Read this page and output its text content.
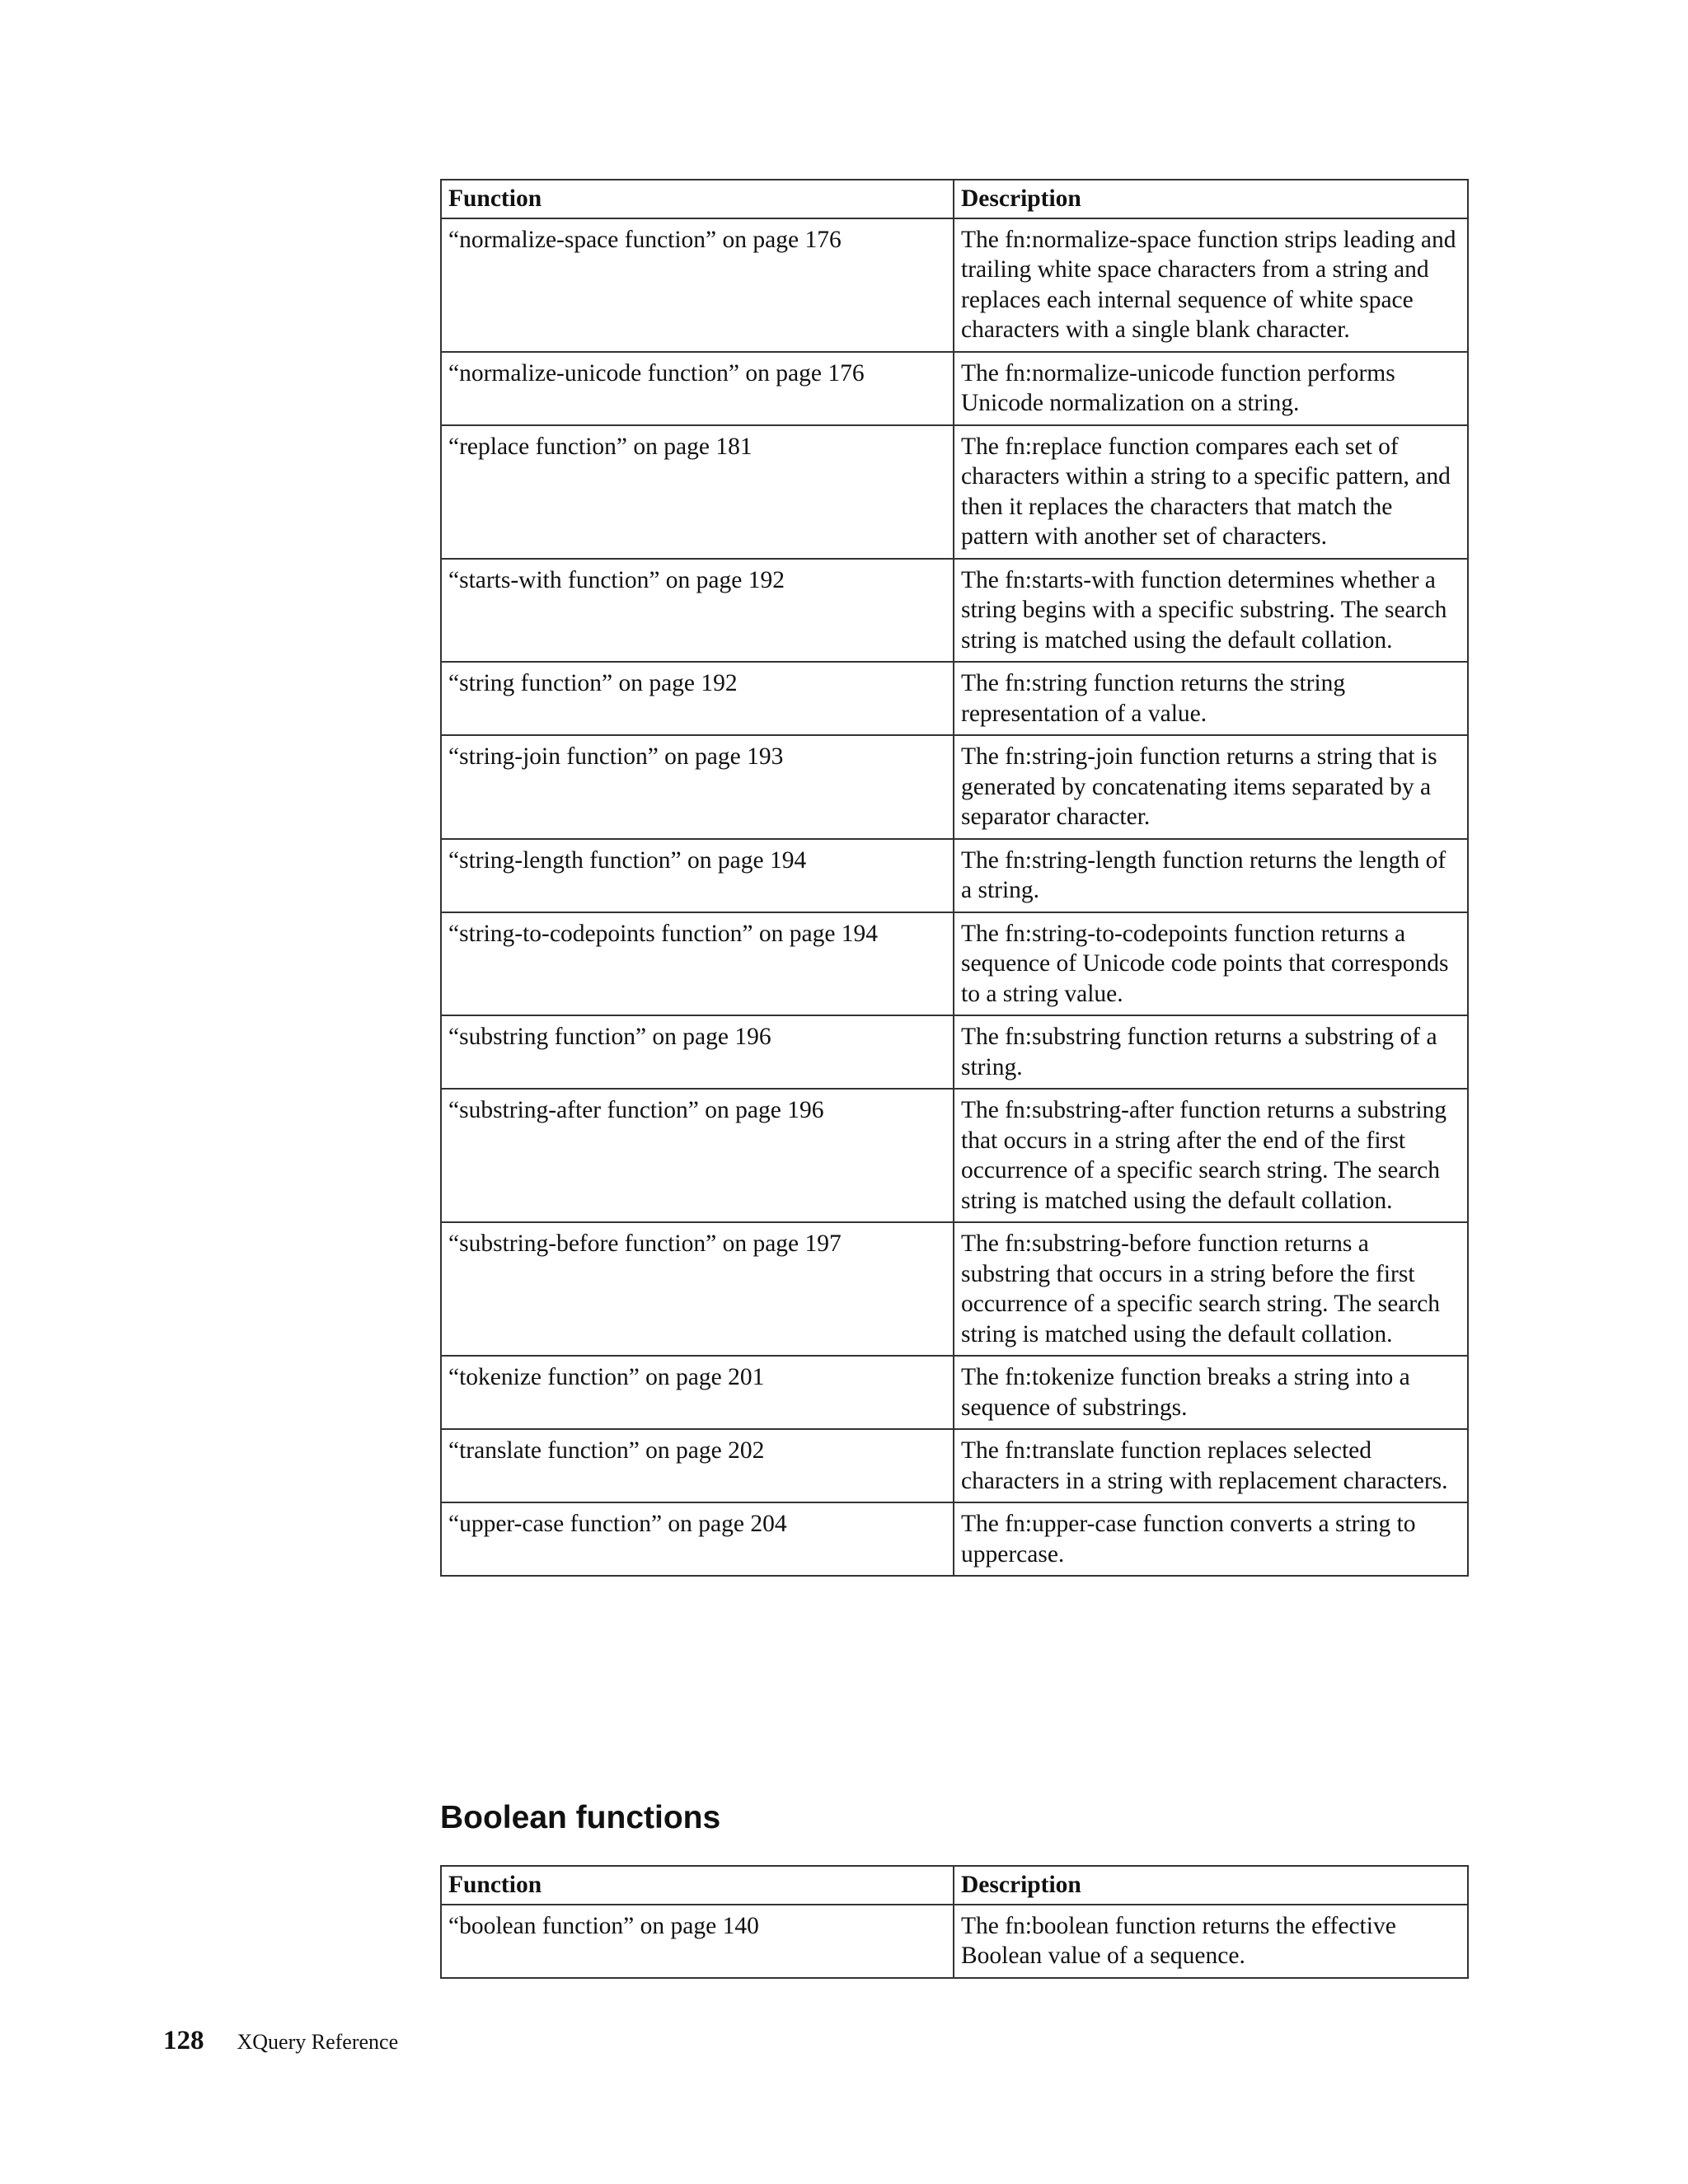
Function	Description
“normalize-space function” on page 176	The fn:normalize-space function strips leading and trailing white space characters from a string and replaces each internal sequence of white space characters with a single blank character.
“normalize-unicode function” on page 176	The fn:normalize-unicode function performs Unicode normalization on a string.
“replace function” on page 181	The fn:replace function compares each set of characters within a string to a specific pattern, and then it replaces the characters that match the pattern with another set of characters.
“starts-with function” on page 192	The fn:starts-with function determines whether a string begins with a specific substring. The search string is matched using the default collation.
“string function” on page 192	The fn:string function returns the string representation of a value.
“string-join function” on page 193	The fn:string-join function returns a string that is generated by concatenating items separated by a separator character.
“string-length function” on page 194	The fn:string-length function returns the length of a string.
“string-to-codepoints function” on page 194	The fn:string-to-codepoints function returns a sequence of Unicode code points that corresponds to a string value.
“substring function” on page 196	The fn:substring function returns a substring of a string.
“substring-after function” on page 196	The fn:substring-after function returns a substring that occurs in a string after the end of the first occurrence of a specific search string. The search string is matched using the default collation.
“substring-before function” on page 197	The fn:substring-before function returns a substring that occurs in a string before the first occurrence of a specific search string. The search string is matched using the default collation.
“tokenize function” on page 201	The fn:tokenize function breaks a string into a sequence of substrings.
“translate function” on page 202	The fn:translate function replaces selected characters in a string with replacement characters.
“upper-case function” on page 204	The fn:upper-case function converts a string to uppercase.
Boolean functions
Function	Description
“boolean function” on page 140	The fn:boolean function returns the effective Boolean value of a sequence.
128 XQuery Reference
